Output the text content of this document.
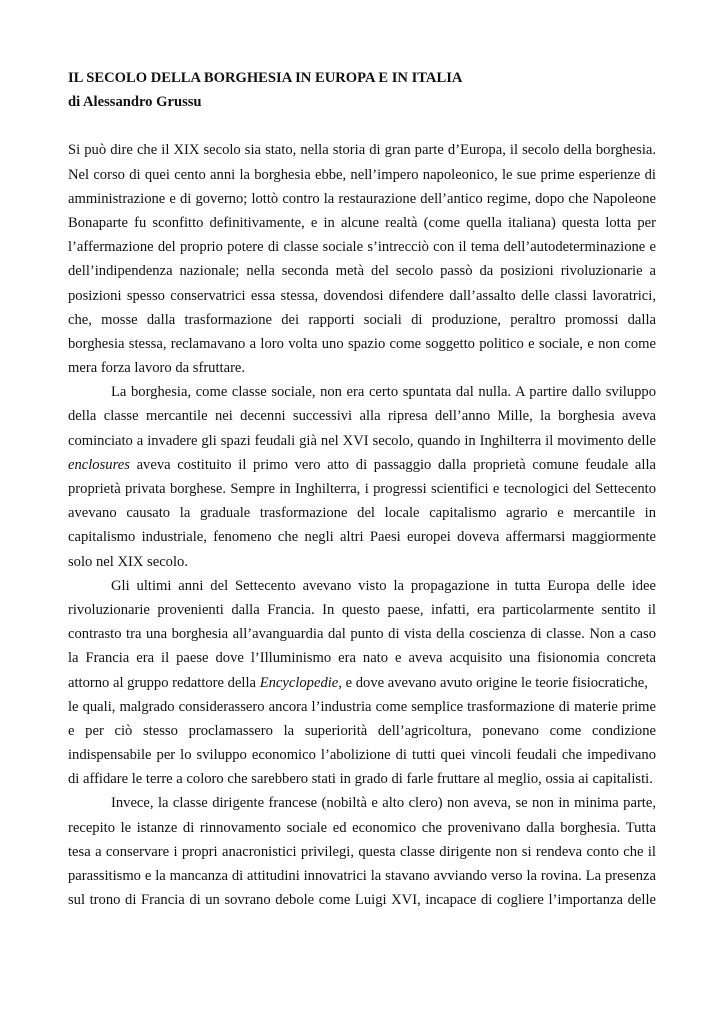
IL SECOLO DELLA BORGHESIA IN EUROPA E IN ITALIA
di Alessandro Grussu
Si può dire che il XIX secolo sia stato, nella storia di gran parte d’Europa, il secolo della borghesia.
Nel corso di quei cento anni la borghesia ebbe, nell’impero napoleonico, le sue prime esperienze di
amministrazione e di governo; lottò contro la restaurazione dell’antico regime, dopo che Napoleone
Bonaparte fu sconfitto definitivamente, e in alcune realtà (come quella italiana) questa lotta per
l’affermazione del proprio potere di classe sociale s’intrecciò con il tema dell’autodeterminazione e
dell’indipendenza nazionale; nella seconda metà del secolo passò da posizioni rivoluzionarie a
posizioni spesso conservatrici essa stessa, dovendosi difendere dall’assalto delle classi lavoratrici,
che, mosse dalla trasformazione dei rapporti sociali di produzione, peraltro promossi dalla
borghesia stessa, reclamavano a loro volta uno spazio come soggetto politico e sociale, e non come
mera forza lavoro da sfruttare.
La borghesia, come classe sociale, non era certo spuntata dal nulla. A partire dallo sviluppo
della classe mercantile nei decenni successivi alla ripresa dell’anno Mille, la borghesia aveva
cominciato a invadere gli spazi feudali già nel XVI secolo, quando in Inghilterra il movimento delle
enclosures aveva costituito il primo vero atto di passaggio dalla proprietà comune feudale alla
proprietà privata borghese. Sempre in Inghilterra, i progressi scientifici e tecnologici del Settecento
avevano causato la graduale trasformazione del locale capitalismo agrario e mercantile in
capitalismo industriale, fenomeno che negli altri Paesi europei doveva affermarsi maggiormente
solo nel XIX secolo.
Gli ultimi anni del Settecento avevano visto la propagazione in tutta Europa delle idee
rivoluzionarie provenienti dalla Francia. In questo paese, infatti, era particolarmente sentito il
contrasto tra una borghesia all’avanguardia dal punto di vista della coscienza di classe. Non a caso
la Francia era il paese dove l’Illuminismo era nato e aveva acquisito una fisionomia concreta
attorno al gruppo redattore della Encyclopedie, e dove avevano avuto origine le teorie fisiocratiche,
le quali, malgrado considerassero ancora l’industria come semplice trasformazione di materie prime
e per ciò stesso proclamassero la superiorità dell’agricoltura, ponevano come condizione
indispensabile per lo sviluppo economico l’abolizione di tutti quei vincoli feudali che impedivano
di affidare le terre a coloro che sarebbero stati in grado di farle fruttare al meglio, ossia ai capitalisti.
Invece, la classe dirigente francese (nobiltà e alto clero) non aveva, se non in minima parte,
recepito le istanze di rinnovamento sociale ed economico che provenivano dalla borghesia. Tutta
tesa a conservare i propri anacronistici privilegi, questa classe dirigente non si rendeva conto che il
parassitismo e la mancanza di attitudini innovatrici la stavano avviando verso la rovina. La presenza
sul trono di Francia di un sovrano debole come Luigi XVI, incapace di cogliere l’importanza delle
